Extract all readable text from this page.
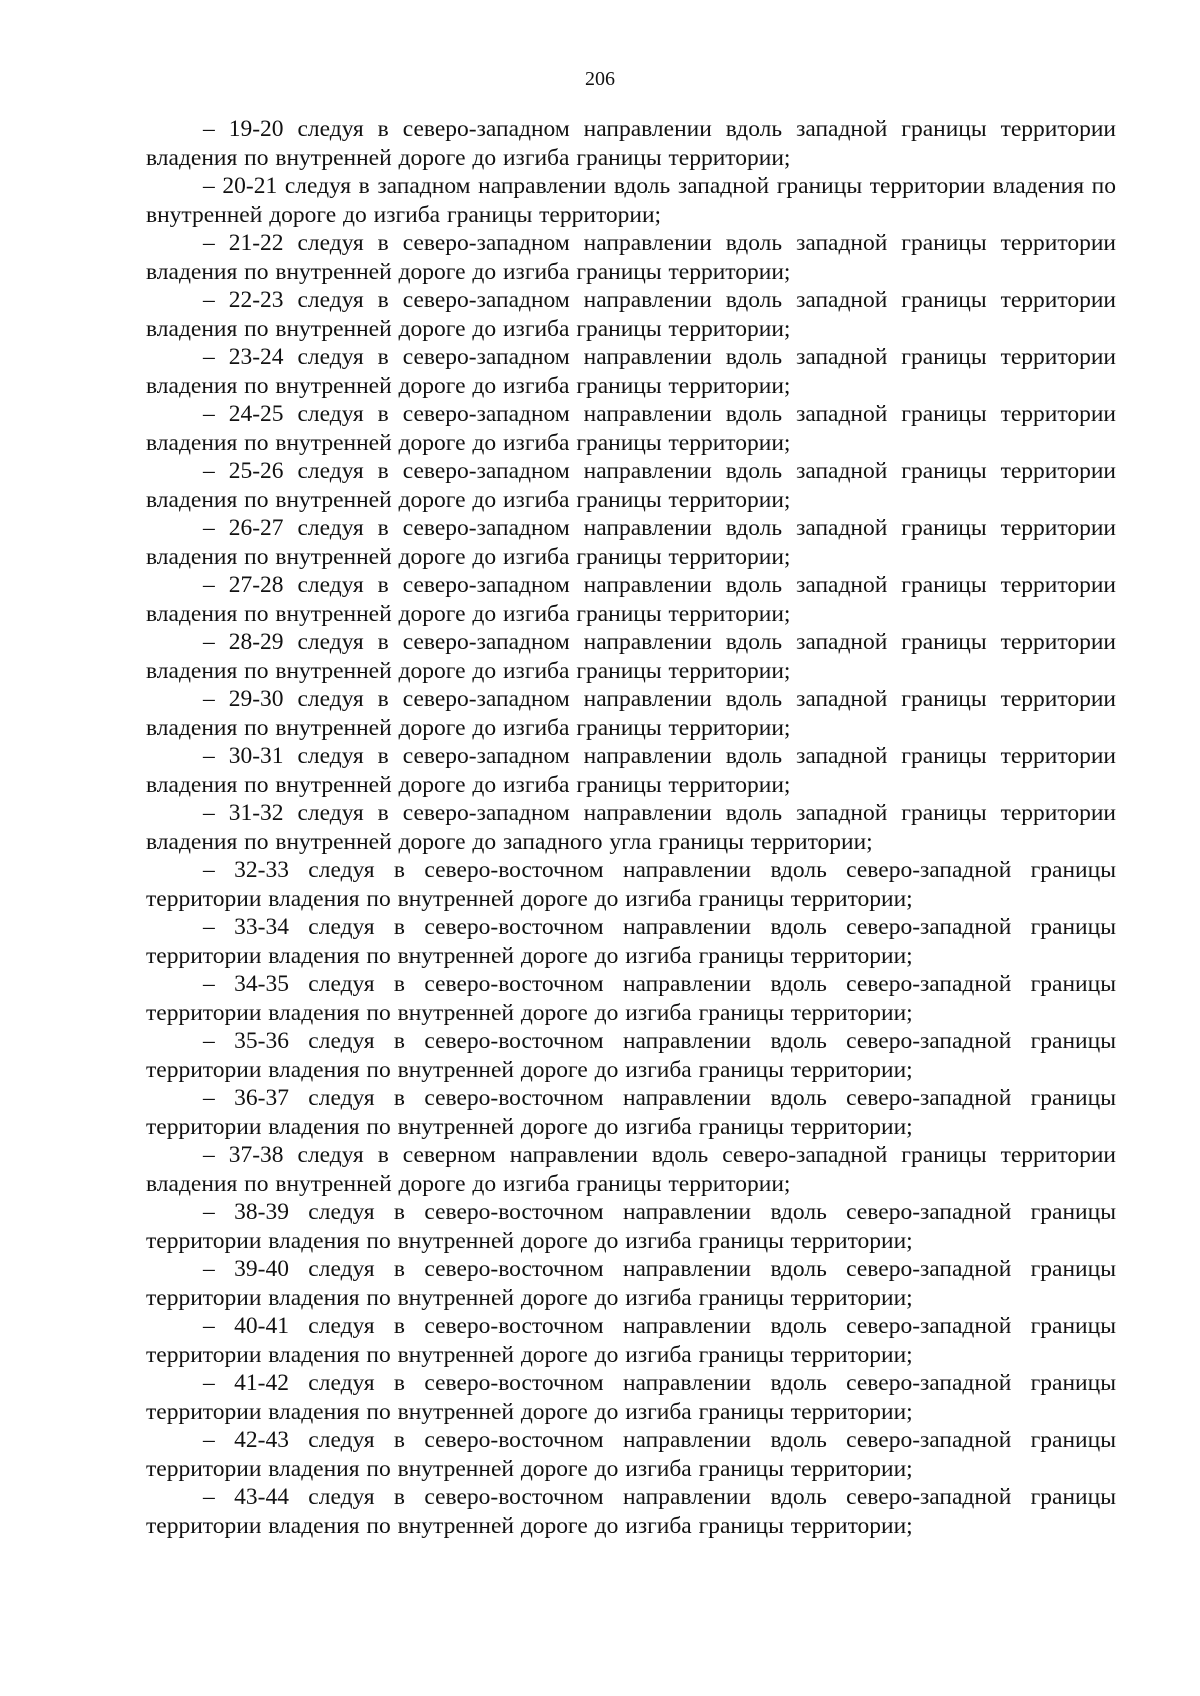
206

– 19-20 следуя в северо-западном направлении вдоль западной границы территории владения по внутренней дороге до изгиба границы территории;

– 20-21 следуя в западном направлении вдоль западной границы территории владения по внутренней дороге до изгиба границы территории;

– 21-22 следуя в северо-западном направлении вдоль западной границы территории владения по внутренней дороге до изгиба границы территории;

– 22-23 следуя в северо-западном направлении вдоль западной границы территории владения по внутренней дороге до изгиба границы территории;

– 23-24 следуя в северо-западном направлении вдоль западной границы территории владения по внутренней дороге до изгиба границы территории;

– 24-25 следуя в северо-западном направлении вдоль западной границы территории владения по внутренней дороге до изгиба границы территории;

– 25-26 следуя в северо-западном направлении вдоль западной границы территории владения по внутренней дороге до изгиба границы территории;

– 26-27 следуя в северо-западном направлении вдоль западной границы территории владения по внутренней дороге до изгиба границы территории;

– 27-28 следуя в северо-западном направлении вдоль западной границы территории владения по внутренней дороге до изгиба границы территории;

– 28-29 следуя в северо-западном направлении вдоль западной границы территории владения по внутренней дороге до изгиба границы территории;

– 29-30 следуя в северо-западном направлении вдоль западной границы территории владения по внутренней дороге до изгиба границы территории;

– 30-31 следуя в северо-западном направлении вдоль западной границы территории владения по внутренней дороге до изгиба границы территории;

– 31-32 следуя в северо-западном направлении вдоль западной границы территории владения по внутренней дороге до западного угла границы территории;

– 32-33 следуя в северо-восточном направлении вдоль северо-западной границы территории владения по внутренней дороге до изгиба границы территории;

– 33-34 следуя в северо-восточном направлении вдоль северо-западной границы территории владения по внутренней дороге до изгиба границы территории;

– 34-35 следуя в северо-восточном направлении вдоль северо-западной границы территории владения по внутренней дороге до изгиба границы территории;

– 35-36 следуя в северо-восточном направлении вдоль северо-западной границы территории владения по внутренней дороге до изгиба границы территории;

– 36-37 следуя в северо-восточном направлении вдоль северо-западной границы территории владения по внутренней дороге до изгиба границы территории;

– 37-38 следуя в северном направлении вдоль северо-западной границы территории владения по внутренней дороге до изгиба границы территории;

– 38-39 следуя в северо-восточном направлении вдоль северо-западной границы территории владения по внутренней дороге до изгиба границы территории;

– 39-40 следуя в северо-восточном направлении вдоль северо-западной границы территории владения по внутренней дороге до изгиба границы территории;

– 40-41 следуя в северо-восточном направлении вдоль северо-западной границы территории владения по внутренней дороге до изгиба границы территории;

– 41-42 следуя в северо-восточном направлении вдоль северо-западной границы территории владения по внутренней дороге до изгиба границы территории;

– 42-43 следуя в северо-восточном направлении вдоль северо-западной границы территории владения по внутренней дороге до изгиба границы территории;

– 43-44 следуя в северо-восточном направлении вдоль северо-западной границы территории владения по внутренней дороге до изгиба границы территории;
